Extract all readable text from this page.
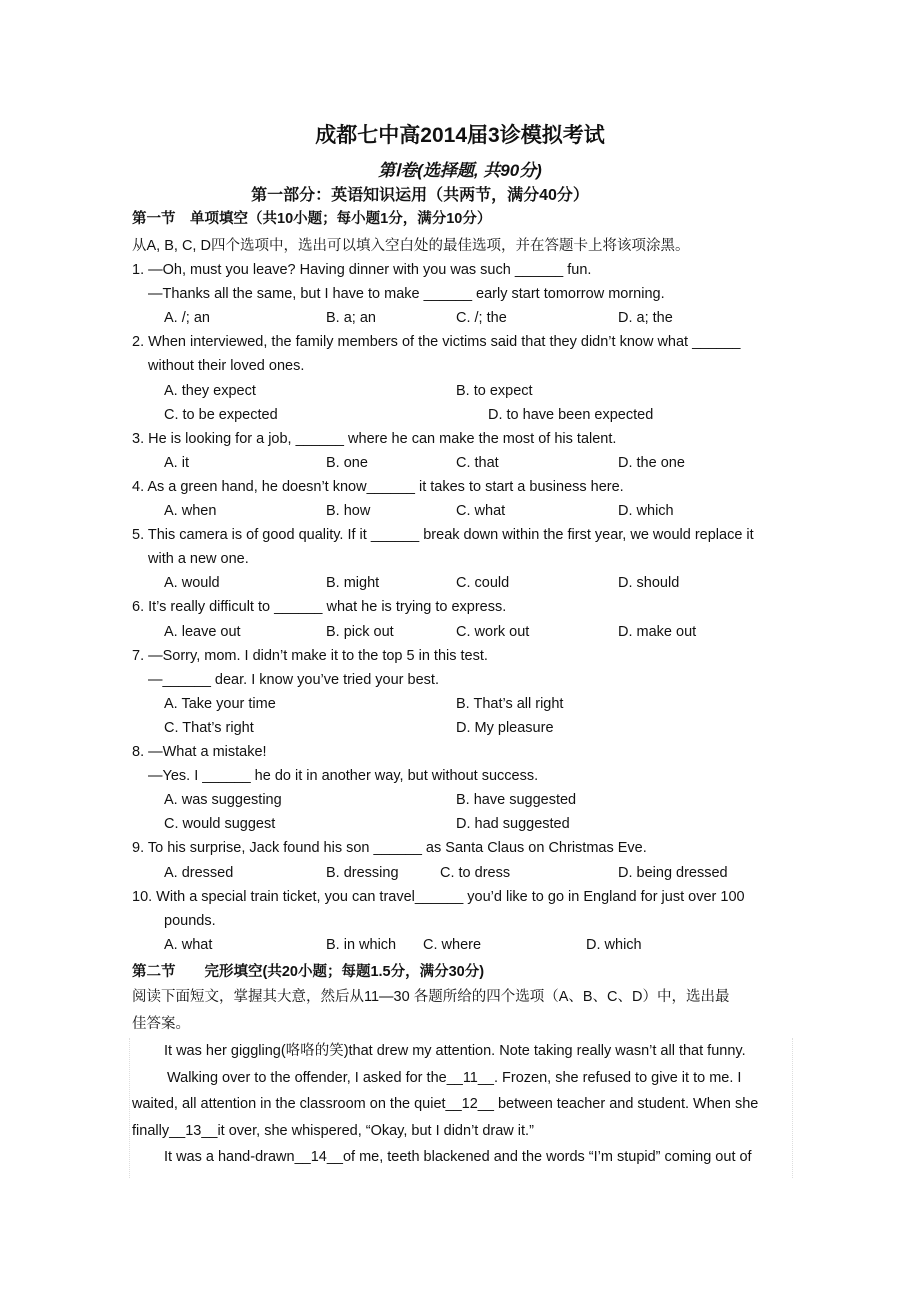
成都七中高2014届3诊模拟考试
第Ⅰ卷(选择题, 共90分)
第一部分：英语知识运用（共两节，满分40分）
第一节　单项填空（共10小题；每小题1分，满分10分）
从A, B, C, D四个选项中，选出可以填入空白处的最佳选项，并在答题卡上将该项涂黑。
1. —Oh, must you leave? Having dinner with you was such ______ fun.
—Thanks all the same, but I have to make ______ early start tomorrow morning.
A. /; an	B. a; an	C. /; the	D. a; the
2. When interviewed, the family members of the victims said that they didn’t know what ______
without their loved ones.
A. they expect	B. to expect
C. to be expected	D. to have been expected
3. He is looking for a job, ______ where he can make the most of his talent.
A. it	B. one	C. that	D. the one
4. As a green hand, he doesn’t know______ it takes to start a business here.
A. when	B. how	C. what	D. which
5. This camera is of good quality. If it ______ break down within the first year, we would replace it
with a new one.
A. would	B. might	C. could	D. should
6. It’s really difficult to ______ what he is trying to express.
A. leave out	B. pick out	C. work out	D. make out
7. —Sorry, mom. I didn’t make it to the top 5 in this test.
—______ dear. I know you’ve tried your best.
A. Take your time	B. That’s all right
C. That’s right	D. My pleasure
8. —What a mistake!
—Yes. I ______ he do it in another way, but without success.
A. was suggesting	B. have suggested
C. would suggest	D. had suggested
9. To his surprise, Jack found his son ______ as Santa Claus on Christmas Eve.
A. dressed	B. dressing	C. to dress	D. being dressed
10. With a special train ticket, you can travel______ you’d like to go in England for just over 100
pounds.
A. what	B. in which C. where	D. which
第二节　　完形填空(共20小题；每题1.5分，满分30分)
阅读下面短文，掌握其大意，然后从11—30 各题所给的四个选项（A、B、C、D）中，选出最
佳答案。
It was her giggling(咯咯的笑)that drew my attention. Note taking really wasn’t all that funny.
Walking over to the offender, I asked for the__11__. Frozen, she refused to give it to me. I
waited, all attention in the classroom on the quiet__12__ between teacher and student. When she
finally__13__it over, she whispered, “Okay, but I didn’t draw it.”
It was a hand-drawn__14__of me, teeth blackened and the words “I’m stupid” coming out of
